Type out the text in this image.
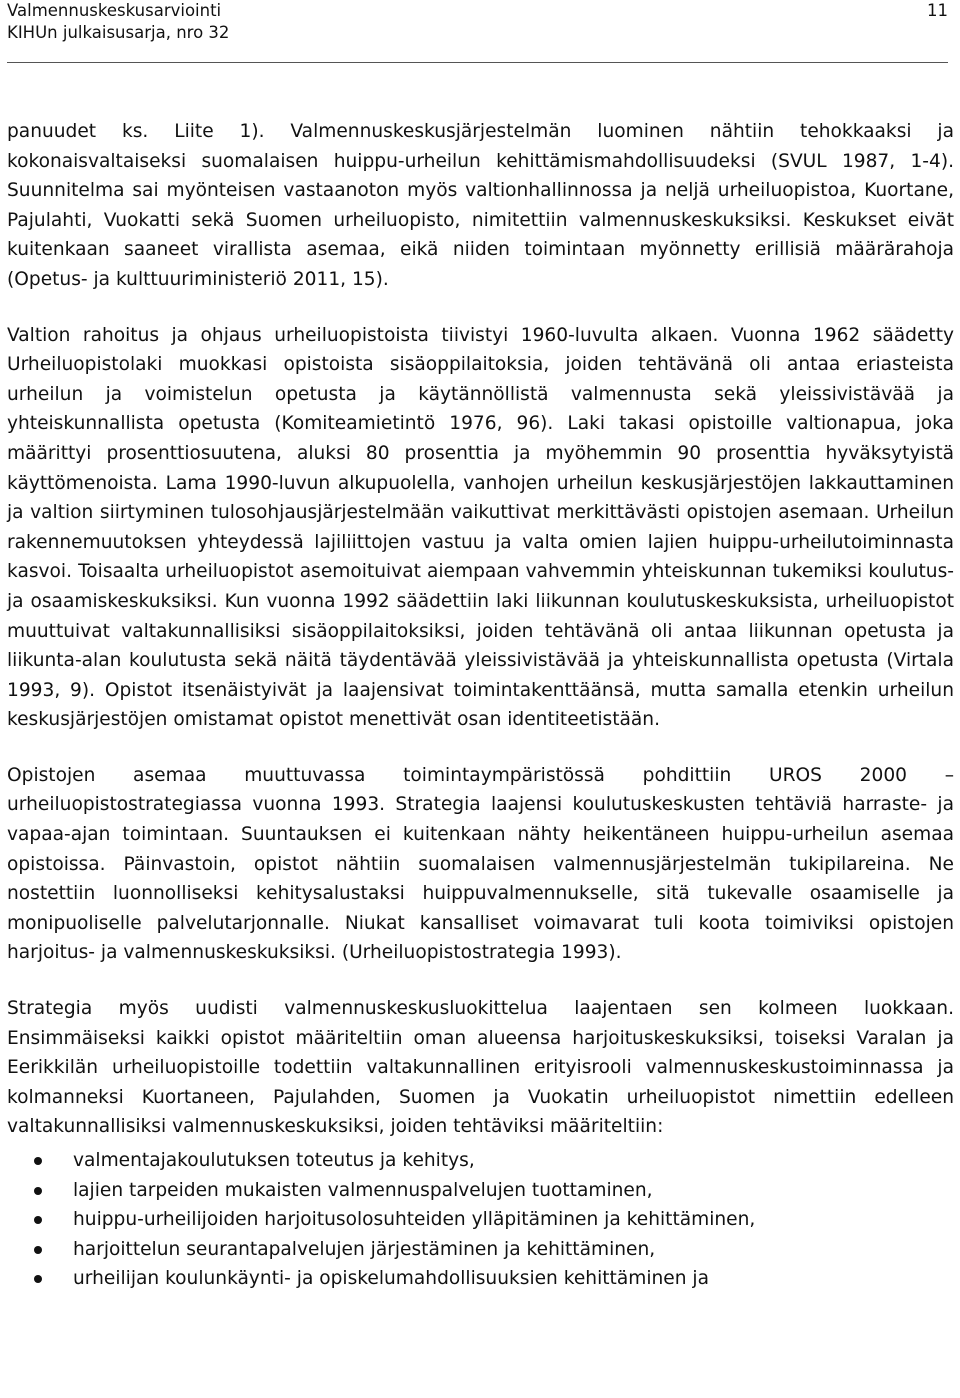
Valmennuskeskusarviointi
KIHUn julkaisusarja, nro 32
11

panuudet ks. Liite 1). Valmennuskeskusjärjestelmän luominen nähtiin tehokkaaksi ja kokonaisvaltaiseksi suomalaisen huippu-urheilun kehittämismahdollisuudeksi (SVUL 1987, 1-4). Suunnitelma sai myönteisen vastaanoton myös valtionhallinnossa ja neljä urheiluopistoa, Kuortane, Pajulahti, Vuokatti sekä Suomen urheiluopisto, nimitettiin valmennuskeskuksiksi. Keskukset eivät kuitenkaan saaneet virallista asemaa, eikä niiden toimintaan myönnetty erillisiä määrärahoja (Opetus- ja kulttuuriministeriö 2011, 15).

Valtion rahoitus ja ohjaus urheiluopistoista tiivistyi 1960-luvulta alkaen. Vuonna 1962 säädetty Urheiluopistolaki muokkasi opistoista sisäoppilaitoksia, joiden tehtävänä oli antaa eriasteista urheilun ja voimistelun opetusta ja käytännöllistä valmennusta sekä yleissivistävää ja yhteiskunnallista opetusta (Komiteamietintö 1976, 96). Laki takasi opistoille valtionapua, joka määrittyi prosenttiosuutena, aluksi 80 prosenttia ja myöhemmin 90 prosenttia hyväksytyistä käyttömenoista. Lama 1990-luvun alkupuolella, vanhojen urheilun keskusjärjestöjen lakkauttaminen ja valtion siirtyminen tulosohjausjärjestelmään vaikuttivat merkittävästi opistojen asemaan. Urheilun rakennemuutoksen yhteydessä lajiliittojen vastuu ja valta omien lajien huippu-urheilutoiminnasta kasvoi. Toisaalta urheiluopistot asemoituivat aiempaan vahvemmin yhteiskunnan tukemiksi koulutus- ja osaamiskeskuksiksi. Kun vuonna 1992 säädettiin laki liikunnan koulutuskeskuksista, urheiluopistot muuttuivat valtakunnallisiksi sisäoppilaitoksiksi, joiden tehtävänä oli antaa liikunnan opetusta ja liikunta-alan koulutusta sekä näitä täydentävää yleissivistävää ja yhteiskunnallista opetusta (Virtala 1993, 9). Opistot itsenäistyivät ja laajensivat toimintakenttäänsä, mutta samalla etenkin urheilun keskusjärjestöjen omistamat opistot menettivät osan identiteetistään.

Opistojen asemaa muuttuvassa toimintaympäristössä pohdittiin UROS 2000 – urheiluopistostrategiassa vuonna 1993. Strategia laajensi koulutuskeskusten tehtäviä harraste- ja vapaa-ajan toimintaan. Suuntauksen ei kuitenkaan nähty heikentäneen huippu-urheilun asemaa opistoissa. Päinvastoin, opistot nähtiin suomalaisen valmennusjärjestelmän tukipilareina. Ne nostettiin luonnolliseksi kehitysalustaksi huippuvalmennukselle, sitä tukevalle osaamiselle ja monipuoliselle palvelutarjonnalle. Niukat kansalliset voimavarat tuli koota toimiviksi opistojen harjoitus- ja valmennuskeskuksiksi. (Urheiluopistostrategia 1993).

Strategia myös uudisti valmennuskeskusluokittelua laajentaen sen kolmeen luokkaan. Ensimmäiseksi kaikki opistot määriteltiin oman alueensa harjoituskeskuksiksi, toiseksi Varalan ja Eerikkilän urheiluopistoille todettiin valtakunnallinen erityisrooli valmennuskeskustoiminnassa ja kolmanneksi Kuortaneen, Pajulahden, Suomen ja Vuokatin urheiluopistot nimettiin edelleen valtakunnallisiksi valmennuskeskuksiksi, joiden tehtäviksi määriteltiin:

valmentajakoulutuksen toteutus ja kehitys,
lajien tarpeiden mukaisten valmennuspalvelujen tuottaminen,
huippu-urheilijoiden harjoitusolosuhteiden ylläpitäminen ja kehittäminen,
harjoittelun seurantapalvelujen järjestäminen ja kehittäminen,
urheilijan koulunkäynti- ja opiskelumahdollisuuksien kehittäminen ja
